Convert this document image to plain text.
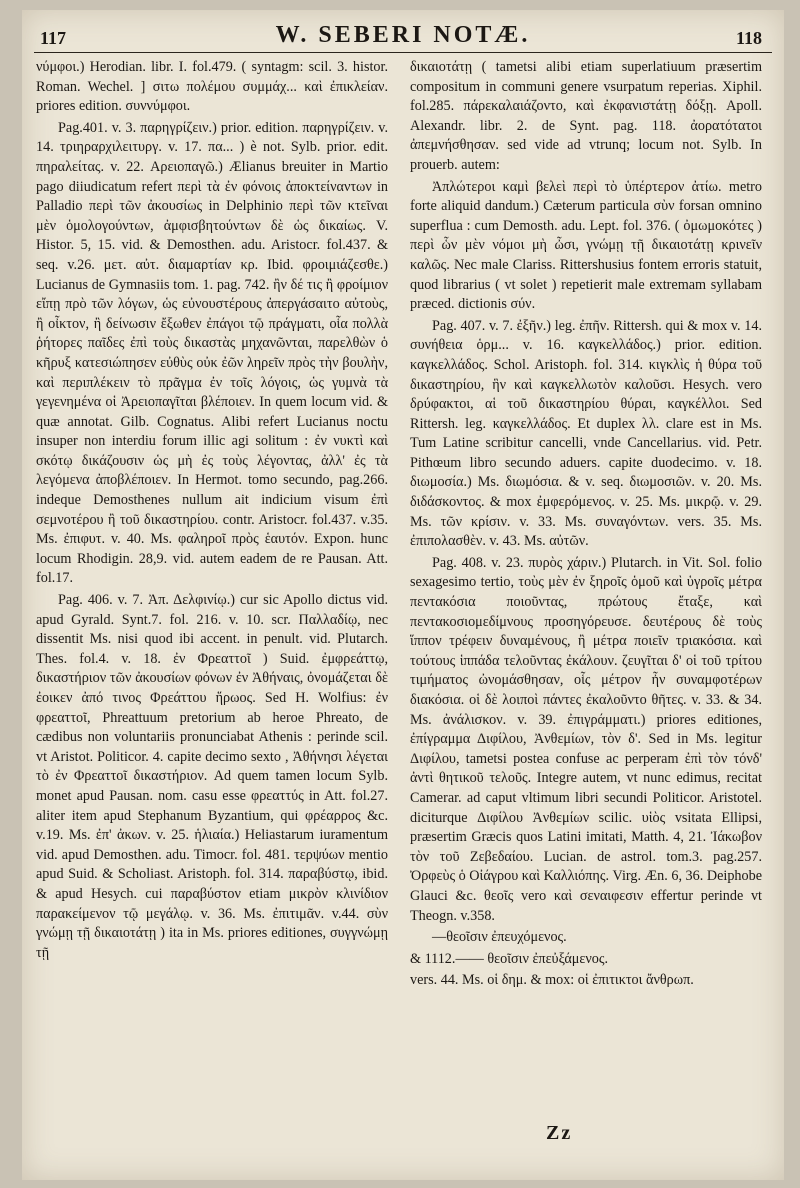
117	W. SEBERI NOTÆ.	118

νύμφοι.) Herodian. libr. I. fol.479. ( syntagm: scil. 3. histor. Roman. Wechel. ] σιτω πολέμου συμμάχ... καὶ ἐπικλείαν. priores edition. συννύμφοι.

Pag.401. v. 3. παρηγρίζειν.) prior. edition. παρηγρίζειν. v. 14. τριηραρχιλειτυργ. v. 17. πα... ) è not. Sylb. prior. edit. πηραλείτας. v. 22. Αρειοπαγῶ.) Ælianus breuiter in Martio pago diiudicatum refert περὶ τὰ ἐν φόνοις ἀποκτείναντων in Palladio περὶ τῶν ἀκουσίως in Delphinio περὶ τῶν κτεῖναι μὲν ὁμολογούντων, ἀμφισβητούντων δὲ ὡς δικαίως. V. Histor. 5, 15. vid. & Demosthen. adu. Aristocr. fol.437. & seq. v.26. μετ. αὐτ. διαμαρτίαν κρ. Ibid. φροιμιάζεσθε.) Lucianus de Gymnasiis tom. 1. pag. 742. ἢν δέ τις ἢ φροίμιον εἴπῃ πρὸ τῶν λόγων, ὡς εὐνουστέρους ἀπεργάσαιτο αὐτοὺς, ἢ οἶκτον, ἢ δείνωσιν ἔξωθεν ἐπάγοι τῷ πράγματι, οἷα πολλὰ ῥήτορες παῖδες ἐπὶ τοὺς δικαστὰς μηχανῶνται, παρελθὼν ὁ κῆρυξ κατεσιώπησεν εὐθὺς οὐκ ἐῶν ληρεῖν πρὸς τὴν βουλὴν, καὶ περιπλέκειν τὸ πρᾶγμα ἐν τοῖς λόγοις, ὡς γυμνὰ τὰ γεγενημένα οἱ Ἀρειοπαγῖται βλέποιεν. In quem locum vid. & quæ annotat. Gilb. Cognatus. Alibi refert Lucianus noctu insuper non interdiu forum illic agi solitum : ἐν νυκτὶ καὶ σκότῳ δικάζουσιν ὡς μὴ ἐς τοὺς λέγοντας, ἀλλ' ἐς τὰ λεγόμενα ἀποβλέποιεν. In Hermot. tomo secundo, pag.266. indeque Demosthenes nullum ait indicium visum ἐπὶ σεμνοτέρου ἢ τοῦ δικαστηρίου. contr. Aristocr. fol.437. v.35. Ms. ἐπιφυτ. v. 40. Ms. φαληροῖ πρὸς ἑαυτόν. Expon. hunc locum Rhodigin. 28,9. vid. autem eadem de re Pausan. Att. fol.17.

Pag. 406. v. 7. Ἀπ. Δελφινίῳ.) cur sic Apollo dictus vid. apud Gyrald. Synt.7. fol. 216. v. 10. scr. Παλλαδίῳ, nec dissentit Ms. nisi quod ibi accent. in penult. vid. Plutarch. Thes. fol.4. v. 18. ἐν Φρεαττοῖ ) Suid. ἐμφρεάττῳ, δικαστήριον τῶν ἀκουσίων φόνων ἐν Ἀθήναις, ὀνομάζεται δὲ ἐοικεν ἀπό τινος Φρεάττου ἥρωος. Sed H. Wolfius: ἐν φρεαττοῖ, Phreattuum pretorium ab heroe Phreato, de cædibus non voluntariis pronunciabat Athenis : perinde scil. vt Aristot. Politicor. 4. capite decimo sexto , Ἀθήνησι λέγεται τὸ ἐν Φρεαττοῖ δικαστήριον. Ad quem tamen locum Sylb. monet apud Pausan. nom. casu esse φρεαττύς in Att. fol.27. aliter item apud Stephanum Byzantium, qui φρέαρρος &c. v.19. Ms. ἐπ' ἀκων. v. 25. ἡλιαία.) Heliastarum iuramentum vid. apud Demosthen. adu. Timocr. fol. 481. τερψύων mentio apud Suid. & Scholiast. Aristoph. fol. 314. παραβύστῳ, ibid. & apud Hesych. cui παραβύστον etiam μικρὸν κλινίδιον παρακείμενον τῷ μεγάλῳ. v. 36. Ms. ἐπιτιμᾶν. v.44. σὺν γνώμῃ τῇ δικαιοτάτῃ ) ita in Ms. priores editiones, συγγνώμῃ τῇ

δικαιοτάτῃ ( tametsi alibi etiam superlatiuum præsertim compositum in communi genere vsurpatum reperias. Xiphil. fol.285. πάρεκαλαιάζοντο, καὶ ἐκφανιστάτῃ δόξῃ. Apoll. Alexandr. libr. 2. de Synt. pag. 118. ἀορατότατοι ἀπεμνήσθησαν. sed vide ad vtrunq; locum not. Sylb. In prouerb. autem:

Ἀπλώτεροι καμὶ βελεὶ περὶ τὸ ὑπέρτερον ἀτίω. metro forte aliquid dandum.) Cæterum particula σὺν forsan omnino superflua : cum Demosth. adu. Lept. fol. 376. ( ὀμωμοκότες ) περὶ ὧν μὲν νόμοι μὴ ὦσι, γνώμῃ τῇ δικαιοτάτῃ κρινεῖν καλῶς. Nec male Clariss. Rittershusius fontem erroris statuit, quod librarius ( vt solet ) repetierit male extremam syllabam præced. dictionis σύν.

Pag. 407. v. 7. ἐξῆν.) leg. ἐπῆν. Rittersh. qui & mox v. 14. συνήθεια ὁρμ... v. 16. καγκελλάδος.) prior. edition. καγκελλάδος. Schol. Aristoph. fol. 314. κιγκλὶς ἡ θύρα τοῦ δικαστηρίου, ἣν καὶ καγκελλωτὸν καλοῦσι. Hesych. vero δρύφακτοι, αἱ τοῦ δικαστηρίου θύραι, καγκέλλοι. Sed Rittersh. leg. καγκελλάδος. Et duplex λλ. clare est in Ms. Tum Latine scribitur cancelli, vnde Cancellarius. vid. Petr. Pithœum libro secundo aduers. capite duodecimo. v. 18. διωμοσία.) Ms. διωμόσια. & v. seq. διωμοσιῶν. v. 20. Ms. διδάσκοντος. & mox ἐμφερόμενος. v. 25. Ms. μικρῷ. v. 29. Ms. τῶν κρίσιν. v. 33. Ms. συναγόντων. vers. 35. Ms. ἐπιπολασθὲν. v. 43. Ms. αὐτῶν.

Pag. 408. v. 23. πυρὸς χάριν.) Plutarch. in Vit. Sol. folio sexagesimo tertio, τοὺς μὲν ἐν ξηροῖς ὁμοῦ καὶ ὑγροῖς μέτρα πεντακόσια ποιοῦντας, πρώτους ἔταξε, καὶ πεντακοσιομεδίμνους προσηγόρευσε. δευτέρους δὲ τοὺς ἵππον τρέφειν δυναμένους, ἢ μέτρα ποιεῖν τριακόσια. καὶ τούτους ἱππάδα τελοῦντας ἐκάλουν. ζευγῖται δ' οἱ τοῦ τρίτου τιμήματος ὠνομάσθησαν, οἷς μέτρον ἦν συναμφοτέρων διακόσια. οἱ δὲ λοιποὶ πάντες ἐκαλοῦντο θῆτες. v. 33. & 34. Ms. ἀνάλισκον. v. 39. ἐπιγράμματι.) priores editiones, ἐπίγραμμα Διφίλου, Ἀνθεμίων, τὸν δ'. Sed in Ms. legitur Διφίλου, tametsi postea confuse ac perperam ἐπὶ τὸν τόνδ' ἀντὶ θητικοῦ τελοῦς. Integre autem, vt nunc edimus, recitat Camerar. ad caput vltimum libri secundi Politicor. Aristotel. diciturque Διφίλου Ἀνθεμίων scilic. υἱὸς vsitata Ellipsi, præsertim Græcis quos Latini imitati, Matth. 4, 21. Ἰάκωβον τὸν τοῦ Ζεβεδαίου. Lucian. de astrol. tom.3. pag.257. Ὀρφεὺς ὁ Οἰάγρου καὶ Καλλιόπης. Virg. Æn. 6, 36. Deiphobe Glauci &c. θεοῖς vero καὶ σεναιφεσιν effertur perinde vt Theogn. v.358.

—θεοῖσιν ἐπευχόμενος.

& 1112.—— θεοῖσιν ἐπεὐξάμενος.

vers. 44. Ms. οἱ δημ. & mox: οἱ ἐπιτικτοι ἄνθρωπ.

Zz
